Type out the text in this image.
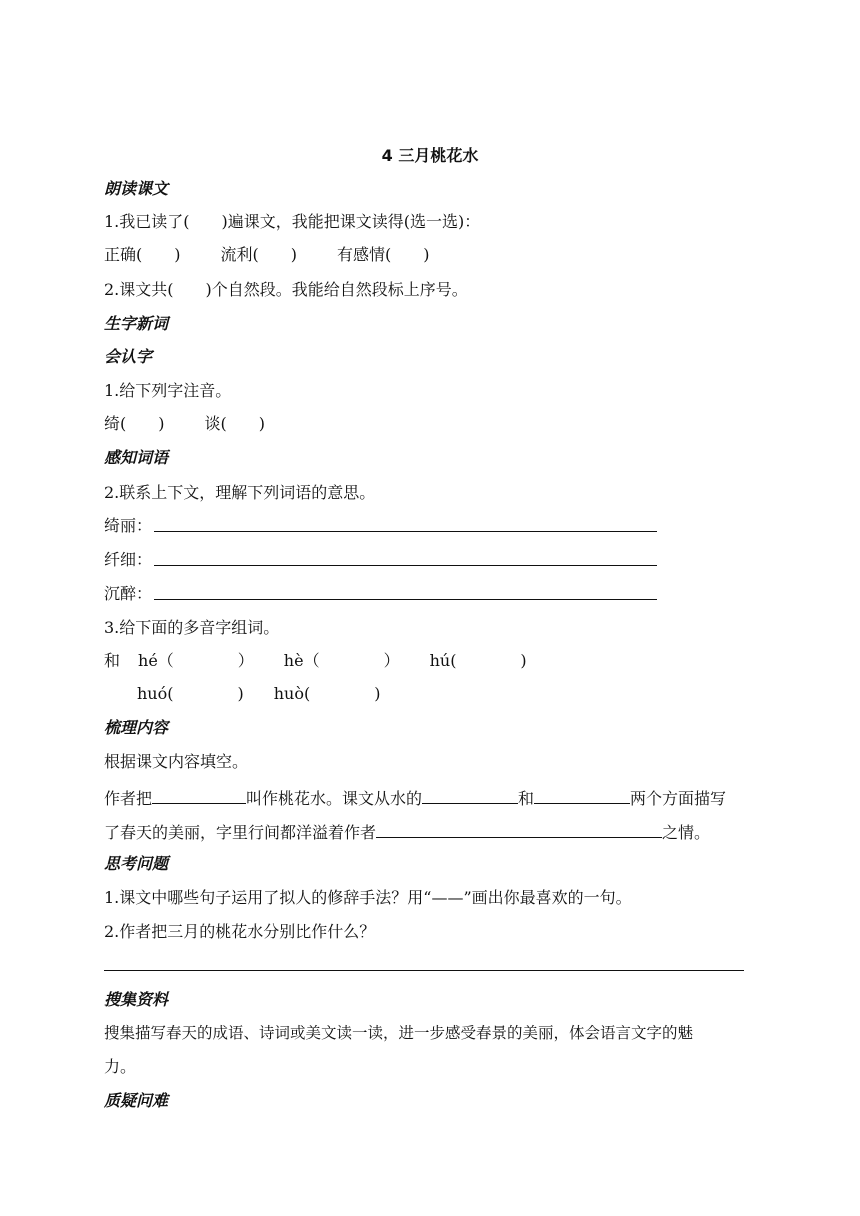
4 三月桃花水
朗读课文
1.我已读了(　　)遍课文，我能把课文读得(选一选)：
正确(　　)	流利(　　)	有感情(　　)
2.课文共(　　)个自然段。我能给自然段标上序号。
生字新词
会认字
1.给下列字注音。
绮(　　)	谈(　　)
感知词语
2.联系上下文，理解下列词语的意思。
绮丽：
纤细：
沉醉：
3.给下面的多音字组词。
和 hé（　　　　） hè（　　　　） hú(　　　　)
huó(　　　　) huò(　　　　)
梳理内容
根据课文内容填空。
作者把	叫作桃花水。课文从水的	和	两个方面描写
了春天的美丽，字里行间都洋溢着作者	之情。
思考问题
1.课文中哪些句子运用了拟人的修辞手法？用“——”画出你最喜欢的一句。
2.作者把三月的桃花水分别比作什么？
搜集资料
搜集描写春天的成语、诗词或美文读一读，进一步感受春景的美丽，体会语言文字的魅
力。
质疑问难
